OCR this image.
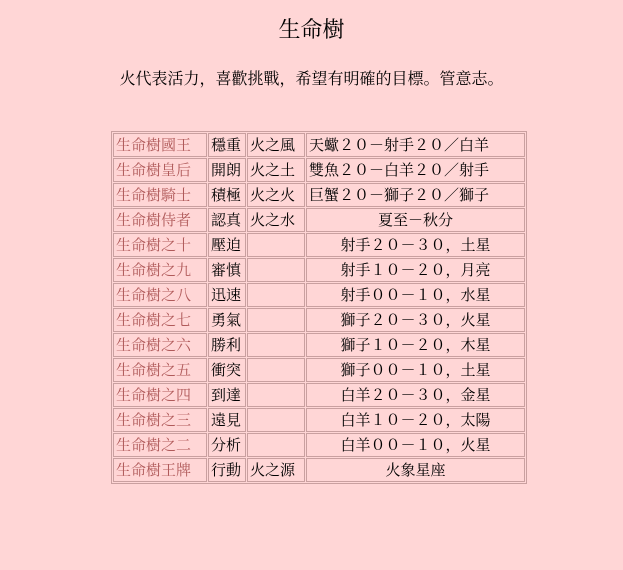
生命樹
火代表活力，喜歡挑戰，希望有明確的目標。管意志。
生命樹國王	穩重	火之風	天蠍２０－射手２０／白羊
生命樹皇后	開朗	火之土	雙魚２０－白羊２０／射手
生命樹騎士	積極	火之火	巨蟹２０－獅子２０／獅子
生命樹侍者	認真	火之水	夏至－秋分
生命樹之十	壓迫		射手２０－３０，土星
生命樹之九	審慎		射手１０－２０，月亮
生命樹之八	迅速		射手００－１０，水星
生命樹之七	勇氣		獅子２０－３０，火星
生命樹之六	勝利		獅子１０－２０，木星
生命樹之五	衝突		獅子００－１０，土星
生命樹之四	到達		白羊２０－３０，金星
生命樹之三	遠見		白羊１０－２０，太陽
生命樹之二	分析		白羊００－１０，火星
生命樹王牌	行動	火之源	火象星座
